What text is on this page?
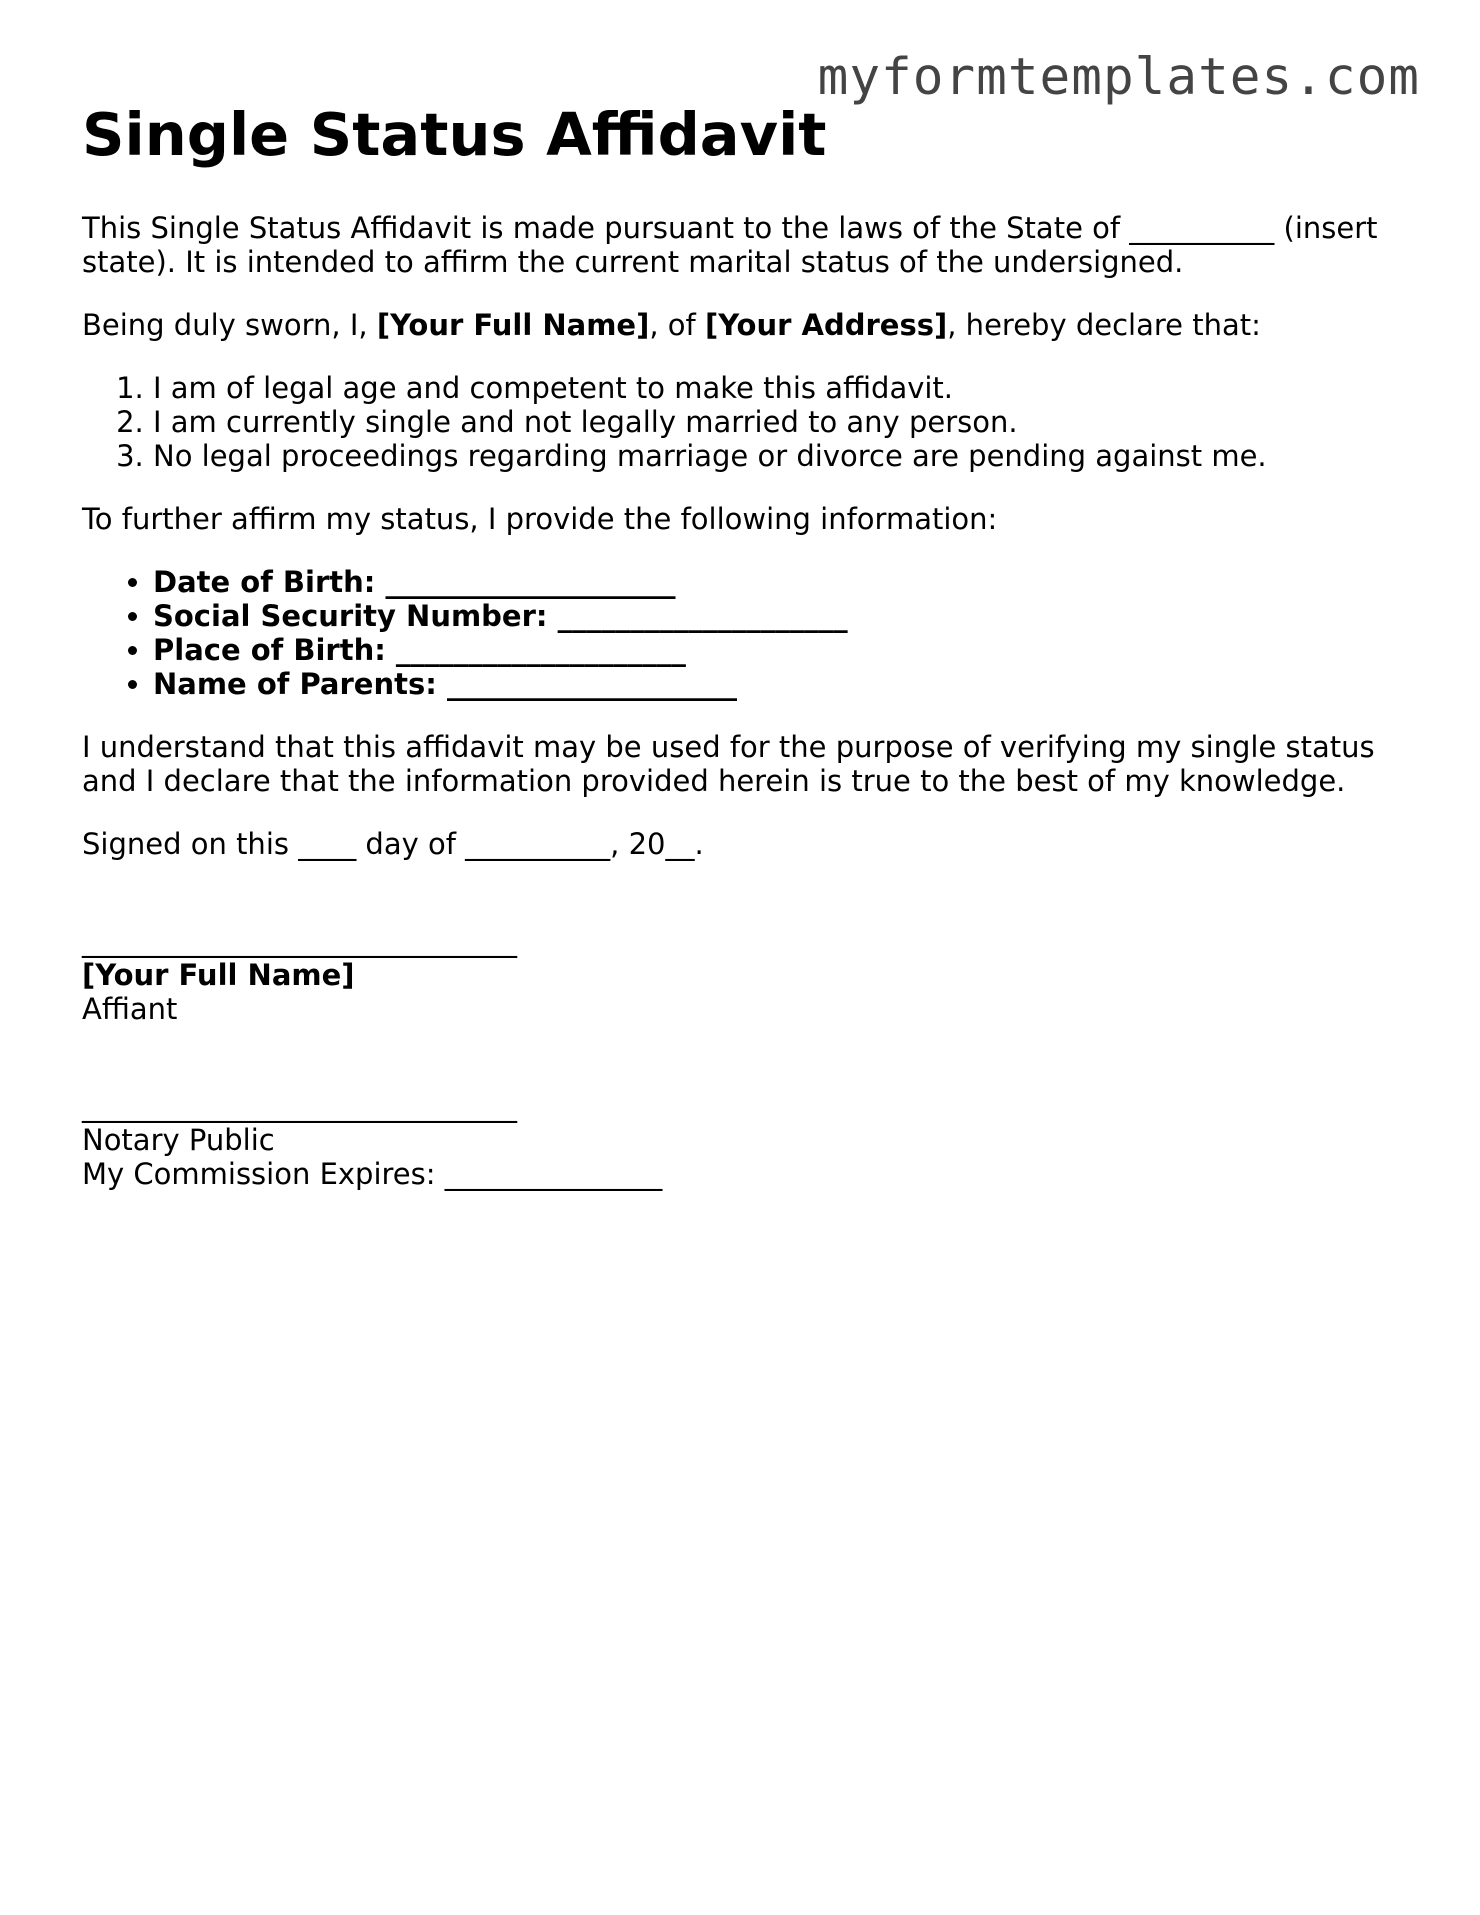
myformtemplates.com
Single Status Affidavit

This Single Status Affidavit is made pursuant to the laws of the State of __________ (insert state). It is intended to affirm the current marital status of the undersigned.

Being duly sworn, I, [Your Full Name], of [Your Address], hereby declare that:

1. I am of legal age and competent to make this affidavit.
2. I am currently single and not legally married to any person.
3. No legal proceedings regarding marriage or divorce are pending against me.

To further affirm my status, I provide the following information:

• Date of Birth: ____________________
• Social Security Number: ____________________
• Place of Birth: ____________________
• Name of Parents: ____________________

I understand that this affidavit may be used for the purpose of verifying my single status and I declare that the information provided herein is true to the best of my knowledge.

Signed on this ____ day of __________, 20__.

______________________________
[Your Full Name]
Affiant
______________________________
Notary Public
My Commission Expires: _______________
